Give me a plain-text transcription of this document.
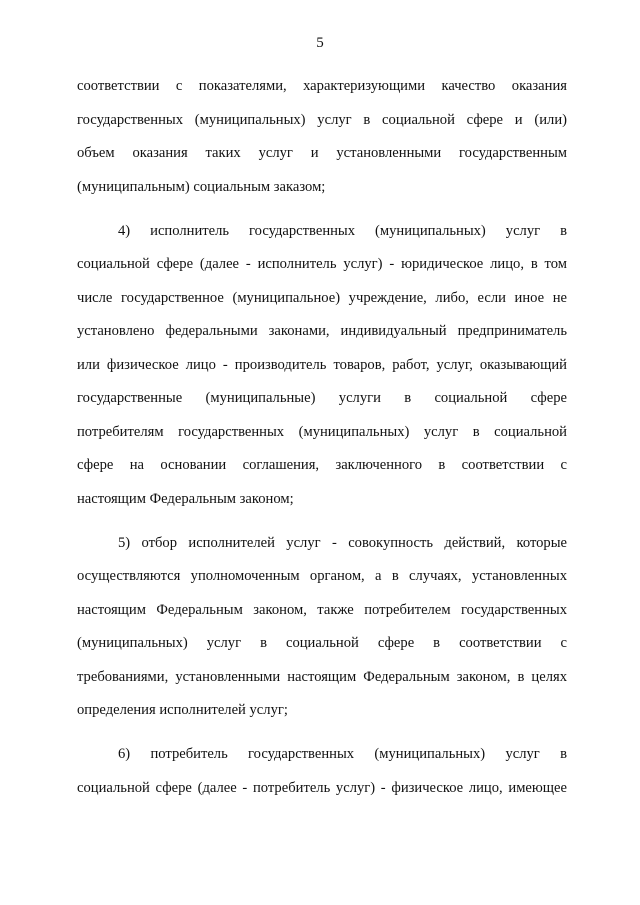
5
соответствии с показателями, характеризующими качество оказания
государственных (муниципальных) услуг в социальной сфере и (или)
объем оказания таких услуг и установленными государственным
(муниципальным) социальным заказом;
4) исполнитель государственных (муниципальных) услуг в
социальной сфере (далее - исполнитель услуг) - юридическое лицо, в том
числе государственное (муниципальное) учреждение, либо, если иное не
установлено федеральными законами, индивидуальный предприниматель
или физическое лицо - производитель товаров, работ, услуг, оказывающий
государственные (муниципальные) услуги в социальной сфере
потребителям государственных (муниципальных) услуг в социальной
сфере на основании соглашения, заключенного в соответствии с
настоящим Федеральным законом;
5) отбор исполнителей услуг - совокупность действий, которые
осуществляются уполномоченным органом, а в случаях, установленных
настоящим Федеральным законом, также потребителем государственных
(муниципальных) услуг в социальной сфере в соответствии с
требованиями, установленными настоящим Федеральным законом, в целях
определения исполнителей услуг;
6) потребитель государственных (муниципальных) услуг в
социальной сфере (далее - потребитель услуг) - физическое лицо, имеющее
